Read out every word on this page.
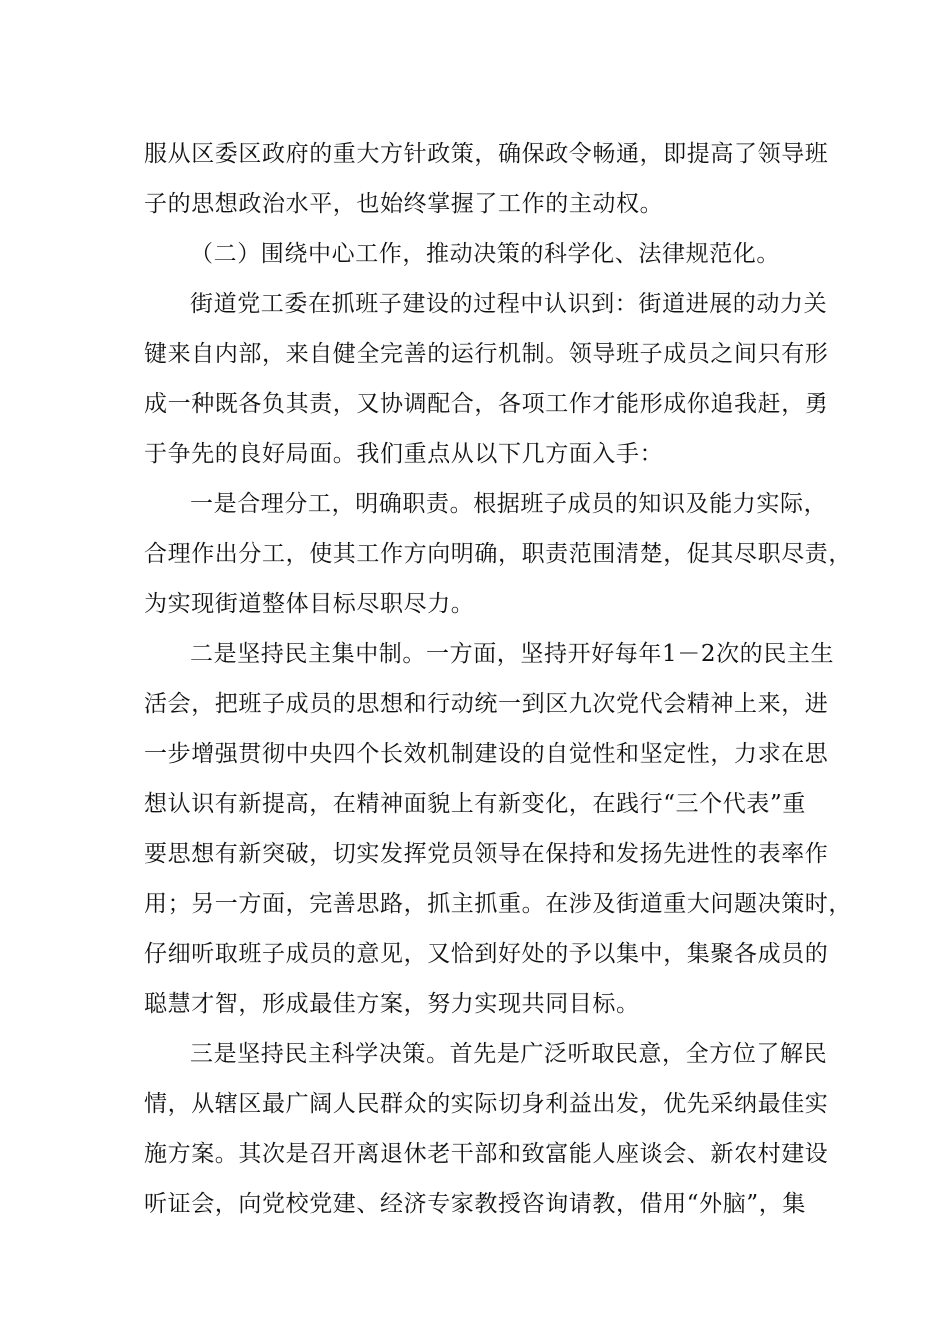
服从区委区政府的重大方针政策，确保政令畅通，即提高了领导班
子的思想政治水平，也始终掌握了工作的主动权。
（二）围绕中心工作，推动决策的科学化、法律规范化。
街道党工委在抓班子建设的过程中认识到：街道进展的动力关
键来自内部，来自健全完善的运行机制。领导班子成员之间只有形
成一种既各负其责，又协调配合，各项工作才能形成你追我赶，勇
于争先的良好局面。我们重点从以下几方面入手：
一是合理分工，明确职责。根据班子成员的知识及能力实际，
合理作出分工，使其工作方向明确，职责范围清楚，促其尽职尽责，
为实现街道整体目标尽职尽力。
二是坚持民主集中制。一方面，坚持开好每年1－2次的民主生
活会，把班子成员的思想和行动统一到区九次党代会精神上来，进
一步增强贯彻中央四个长效机制建设的自觉性和坚定性，力求在思
想认识有新提高，在精神面貌上有新变化，在践行“三个代表”重
要思想有新突破，切实发挥党员领导在保持和发扬先进性的表率作
用；另一方面，完善思路，抓主抓重。在涉及街道重大问题决策时，
仔细听取班子成员的意见，又恰到好处的予以集中，集聚各成员的
聪慧才智，形成最佳方案，努力实现共同目标。
三是坚持民主科学决策。首先是广泛听取民意，全方位了解民
情，从辖区最广阔人民群众的实际切身利益出发，优先采纳最佳实
施方案。其次是召开离退休老干部和致富能人座谈会、新农村建设
听证会，向党校党建、经济专家教授咨询请教，借用“外脑”，集
